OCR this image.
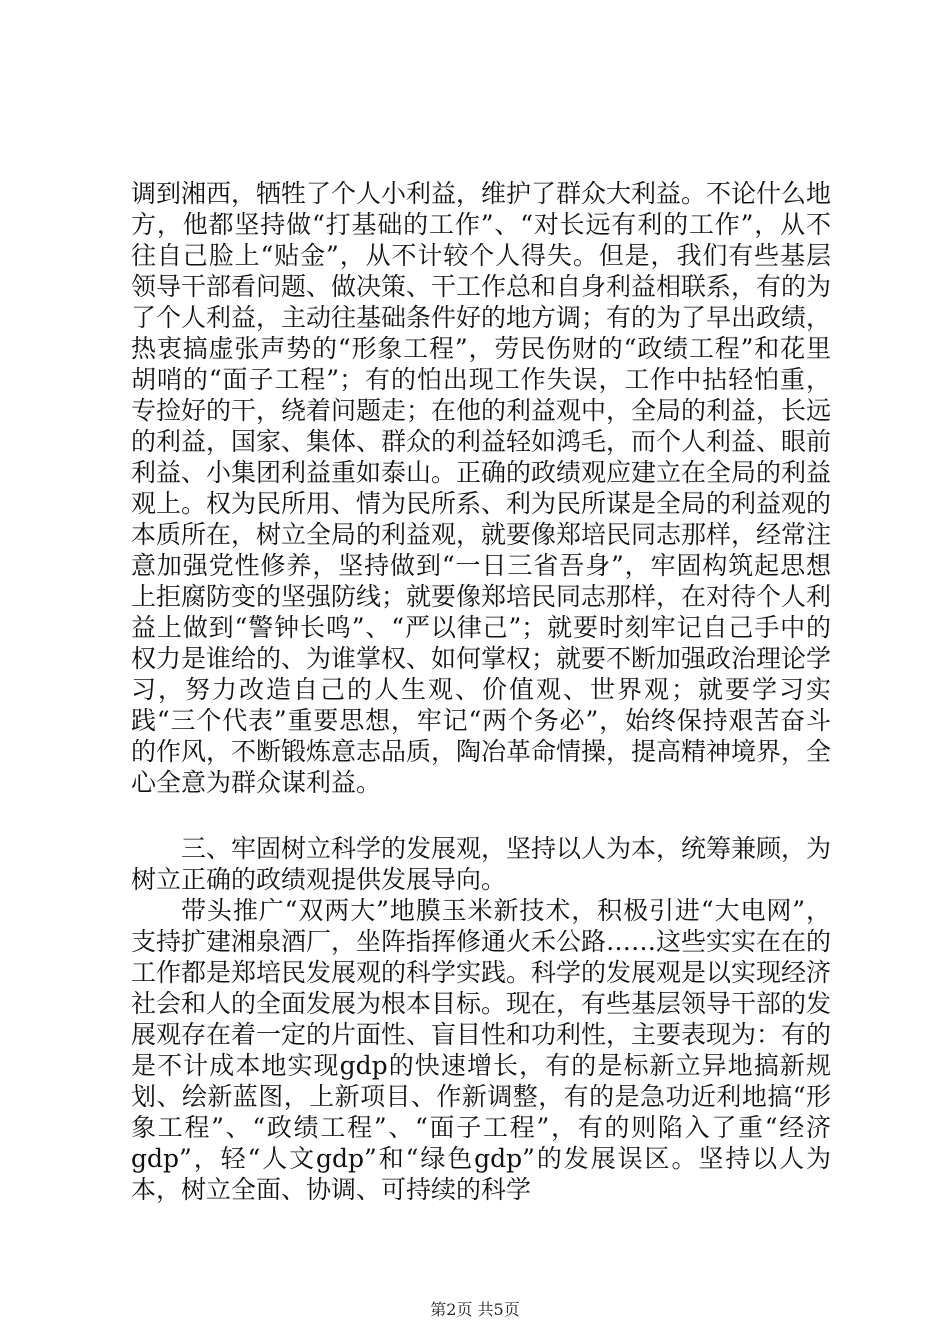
调到湘西，牺牲了个人小利益，维护了群众大利益。不论什么地方，他都坚持做“打基础的工作”、“对长远有利的工作”，从不往自己脸上“贴金”，从不计较个人得失。但是，我们有些基层领导干部看问题、做决策、干工作总和自身利益相联系，有的为了个人利益，主动往基础条件好的地方调；有的为了早出政绩，热衷搞虚张声势的“形象工程”，劳民伤财的“政绩工程”和花里胡哨的“面子工程”；有的怕出现工作失误，工作中拈轻怕重，专捡好的干，绕着问题走；在他的利益观中，全局的利益，长远的利益，国家、集体、群众的利益轻如鸿毛，而个人利益、眼前利益、小集团利益重如泰山。正确的政绩观应建立在全局的利益观上。权为民所用、情为民所系、利为民所谋是全局的利益观的本质所在，树立全局的利益观，就要像郑培民同志那样，经常注意加强党性修养，坚持做到“一日三省吾身”，牢固构筑起思想上拒腐防变的坚强防线；就要像郑培民同志那样，在对待个人利益上做到“警钟长鸣”、“严以律己”；就要时刻牢记自己手中的权力是谁给的、为谁掌权、如何掌权；就要不断加强政治理论学习，努力改造自己的人生观、价值观、世界观；就要学习实践“三个代表”重要思想，牢记“两个务必”，始终保持艰苦奋斗的作风，不断锻炼意志品质，陶冶革命情操，提高精神境界，全心全意为群众谋利益。

三、牢固树立科学的发展观，坚持以人为本，统筹兼顾，为树立正确的政绩观提供发展导向。

带头推广“双两大”地膜玉米新技术，积极引进“大电网”，支持扩建湘泉酒厂，坐阵指挥修通火禾公路……这些实实在在的工作都是郑培民发展观的科学实践。科学的发展观是以实现经济社会和人的全面发展为根本目标。现在，有些基层领导干部的发展观存在着一定的片面性、盲目性和功利性，主要表现为：有的是不计成本地实现gdp的快速增长，有的是标新立异地搞新规划、绘新蓝图，上新项目、作新调整，有的是急功近利地搞“形象工程”、“政绩工程”、“面子工程”，有的则陷入了重“经济gdp”，轻“人文gdp”和“绿色gdp”的发展误区。坚持以人为本，树立全面、协调、可持续的科学

第2页 共5页
